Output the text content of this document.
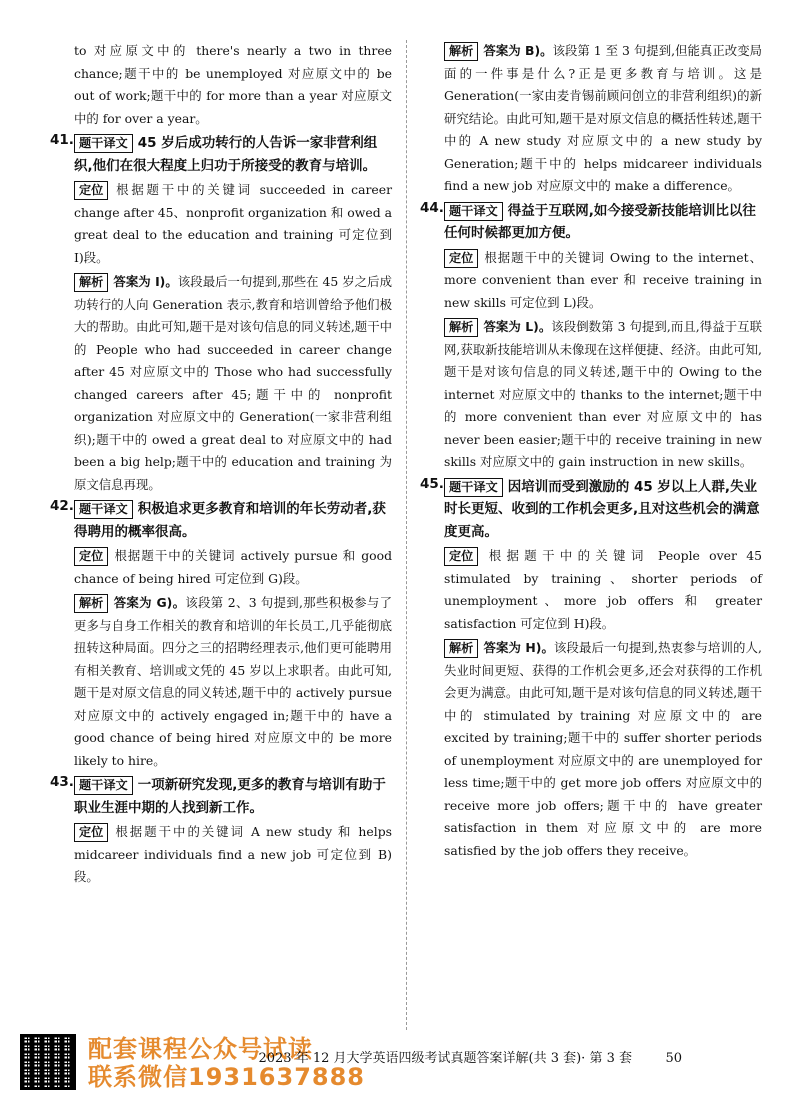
to 对应原文中的 there's nearly a two in three chance;题干中的 be unemployed 对应原文中的 be out of work;题干中的 for more than a year 对应原文中的 for over a year。

41. 题干译文 45 岁后成功转行的人告诉一家非营利组织,他们在很大程度上归功于所接受的教育与培训。

定位 根据题干中的关键词 succeeded in career change after 45、nonprofit organization 和 owed a great deal to the education and training 可定位到 I)段。

解析 答案为 I)。该段最后一句提到,那些在 45 岁之后成功转行的人向 Generation 表示,教育和培训曾给予他们极大的帮助。由此可知,题干是对该句信息的同义转述,题干中的 People who had succeeded in career change after 45 对应原文中的 Those who had successfully changed careers after 45;题干中的 nonprofit organization 对应原文中的 Generation(一家非营利组织);题干中的 owed a great deal to 对应原文中的 had been a big help;题干中的 education and training 为原文信息再现。

42. 题干译文 积极追求更多教育和培训的年长劳动者,获得聘用的概率很高。

定位 根据题干中的关键词 actively pursue 和 good chance of being hired 可定位到 G)段。

解析 答案为 G)。该段第 2、3 句提到,那些积极参与了更多与自身工作相关的教育和培训的年长员工,几乎能彻底扭转这种局面。四分之三的招聘经理表示,他们更可能聘用有相关教育、培训或文凭的 45 岁以上求职者。由此可知,题干是对原文信息的同义转述,题干中的 actively pursue 对应原文中的 actively engaged in;题干中的 have a good chance of being hired 对应原文中的 be more likely to hire。

43. 题干译文 一项新研究发现,更多的教育与培训有助于职业生涯中期的人找到新工作。

定位 根据题干中的关键词 A new study 和 helps midcareer individuals find a new job 可定位到 B)段。

解析 答案为 B)。该段第 1 至 3 句提到,但能真正改变局面的一件事是什么?正是更多教育与培训。这是 Generation(一家由麦肯锡前顾问创立的非营利组织)的新研究结论。由此可知,题干是对原文信息的概括性转述,题干中的 A new study 对应原文中的 a new study by Generation;题干中的 helps midcareer individuals find a new job 对应原文中的 make a difference。

44. 题干译文 得益于互联网,如今接受新技能培训比以往任何时候都更加方便。

定位 根据题干中的关键词 Owing to the internet、more convenient than ever 和 receive training in new skills 可定位到 L)段。

解析 答案为 L)。该段倒数第 3 句提到,而且,得益于互联网,获取新技能培训从未像现在这样便捷、经济。由此可知,题干是对该句信息的同义转述,题干中的 Owing to the internet 对应原文中的 thanks to the internet;题干中的 more convenient than ever 对应原文中的 has never been easier;题干中的 receive training in new skills 对应原文中的 gain instruction in new skills。

45. 题干译文 因培训而受到激励的 45 岁以上人群,失业时长更短、收到的工作机会更多,且对这些机会的满意度更高。

定位 根据题干中的关键词 People over 45 stimulated by training、shorter periods of unemployment、more job offers 和 greater satisfaction 可定位到 H)段。

解析 答案为 H)。该段最后一句提到,热衷参与培训的人,失业时间更短、获得的工作机会更多,还会对获得的工作机会更为满意。由此可知,题干是对该句信息的同义转述,题干中的 stimulated by training 对应原文中的 are excited by training;题干中的 suffer shorter periods of unemployment 对应原文中的 are unemployed for less time;题干中的 get more job offers 对应原文中的 receive more job offers;题干中的 have greater satisfaction in them 对应原文中的 are more satisfied by the job offers they receive。

配套课程公众号试读
联系微信1931637888
2023 年 12 月大学英语四级考试真题答案详解(共 3 套)· 第 3 套	50
